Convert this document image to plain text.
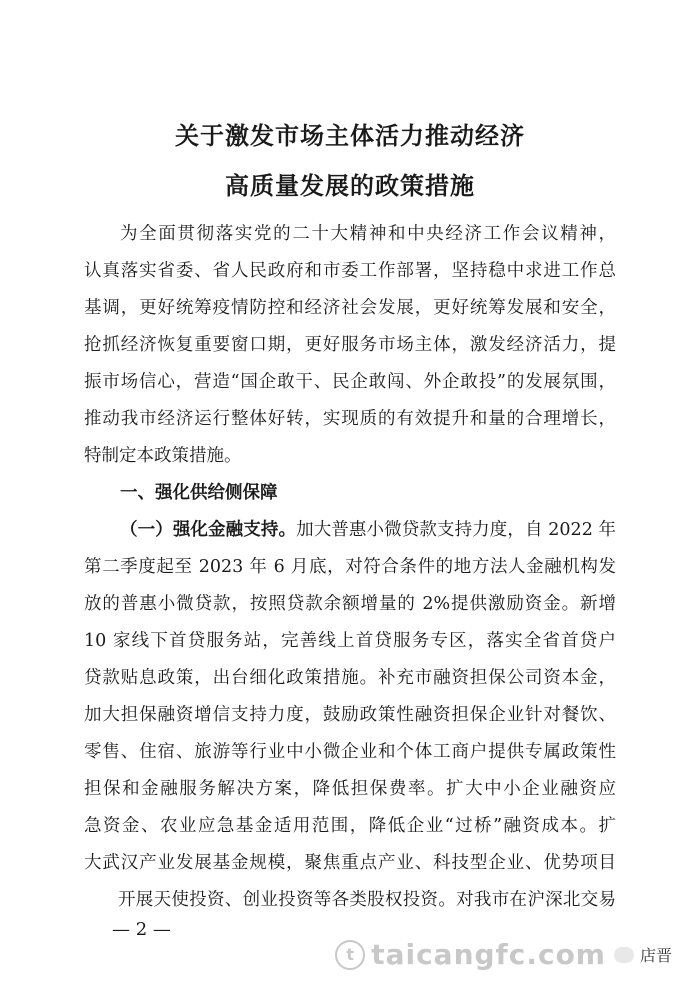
关于激发市场主体活力推动经济
高质量发展的政策措施
为全面贯彻落实党的二十大精神和中央经济工作会议精神，
认真落实省委、省人民政府和市委工作部署，坚持稳中求进工作总
基调，更好统筹疫情防控和经济社会发展，更好统筹发展和安全，
抢抓经济恢复重要窗口期，更好服务市场主体，激发经济活力，提
振市场信心，营造“国企敢干、民企敢闯、外企敢投”的发展氛围，
推动我市经济运行整体好转，实现质的有效提升和量的合理增长，
特制定本政策措施。
一、强化供给侧保障
（一）强化金融支持。加大普惠小微贷款支持力度，自 2022 年
第二季度起至 2023 年 6 月底，对符合条件的地方法人金融机构发
放的普惠小微贷款，按照贷款余额增量的 2%提供激励资金。新增
10 家线下首贷服务站，完善线上首贷服务专区，落实全省首贷户
贷款贴息政策，出台细化政策措施。补充市融资担保公司资本金，
加大担保融资增信支持力度，鼓励政策性融资担保企业针对餐饮、
零售、住宿、旅游等行业中小微企业和个体工商户提供专属政策性
担保和金融服务解决方案，降低担保费率。扩大中小企业融资应
急资金、农业应急基金适用范围，降低企业“过桥”融资成本。扩
大武汉产业发展基金规模，聚焦重点产业、科技型企业、优势项目
开展天使投资、创业投资等各类股权投资。对我市在沪深北交易
— 2 —
t taicangfc.com 店晋
